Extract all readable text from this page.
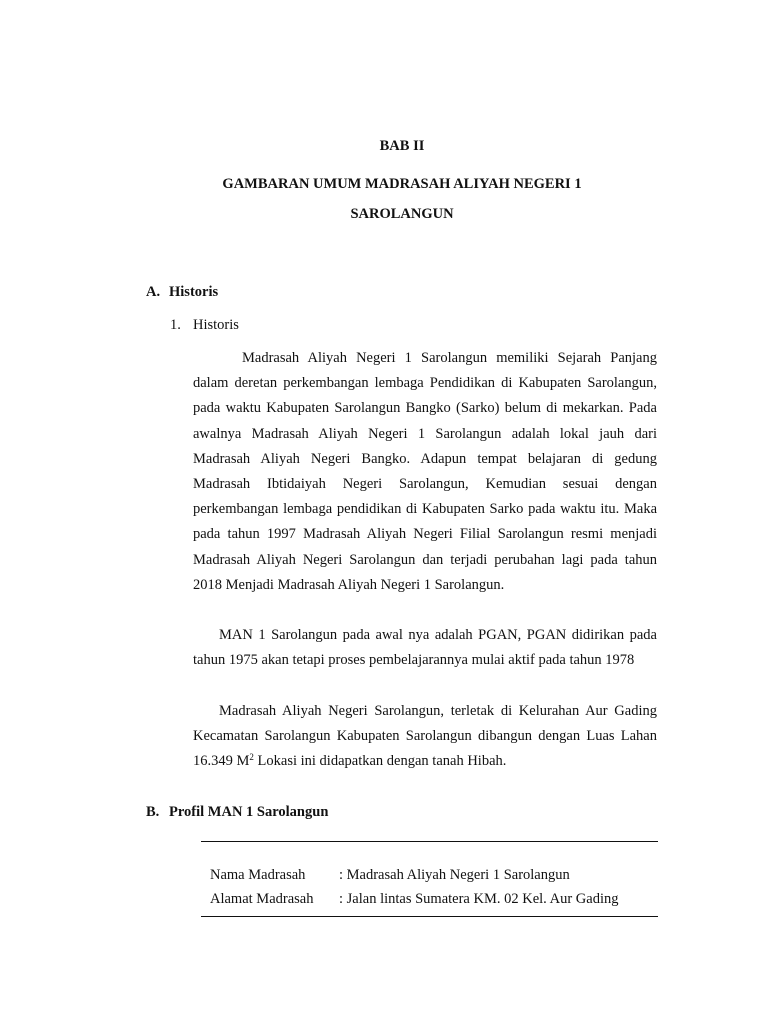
BAB II
GAMBARAN UMUM MADRASAH ALIYAH NEGERI 1
SAROLANGUN
A. Historis
1. Historis

Madrasah Aliyah Negeri 1 Sarolangun memiliki Sejarah Panjang dalam deretan perkembangan lembaga Pendidikan di Kabupaten Sarolangun, pada waktu Kabupaten Sarolangun Bangko (Sarko) belum di mekarkan. Pada awalnya Madrasah Aliyah Negeri 1 Sarolangun adalah lokal jauh dari Madrasah Aliyah Negeri Bangko. Adapun tempat belajaran di gedung Madrasah Ibtidaiyah Negeri Sarolangun, Kemudian sesuai dengan perkembangan lembaga pendidikan di Kabupaten Sarko pada waktu itu. Maka pada tahun 1997 Madrasah Aliyah Negeri Filial Sarolangun resmi menjadi Madrasah Aliyah Negeri Sarolangun dan terjadi perubahan lagi pada tahun 2018 Menjadi Madrasah Aliyah Negeri 1 Sarolangun.

MAN 1 Sarolangun pada awal nya adalah PGAN, PGAN didirikan pada tahun 1975 akan tetapi proses pembelajarannya mulai aktif pada tahun 1978

Madrasah Aliyah Negeri Sarolangun, terletak di Kelurahan Aur Gading Kecamatan Sarolangun Kabupaten Sarolangun dibangun dengan Luas Lahan 16.349 $M^2$ Lokasi ini didapatkan dengan tanah Hibah.

B. Profil MAN 1 Sarolangun
Nama Madrasah : Madrasah Aliyah Negeri 1 Sarolangun
Alamat Madrasah : Jalan lintas Sumatera KM. 02 Kel. Aur Gading
